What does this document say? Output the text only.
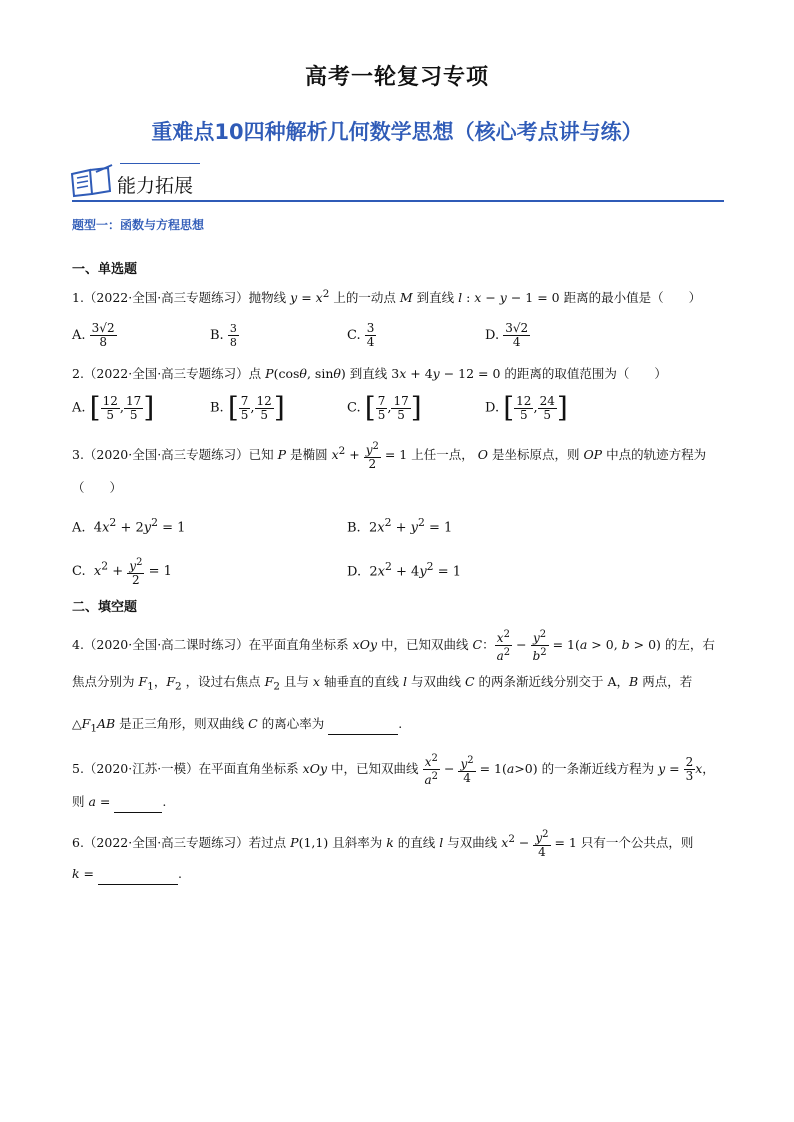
高考一轮复习专项
重难点10四种解析几何数学思想（核心考点讲与练）
能力拓展
题型一：函数与方程思想
一、单选题
1.（2022·全国·高三专题练习）抛物线 $y = x^2$ 上的一动点 M 到直线 l : x − y − 1 = 0 距离的最小值是（　　）
A. $\frac{3√2}{8}$	B. $\frac{3}{8}$	C. $\frac{3}{4}$	D. $\frac{3√2}{4}$
2.（2022·全国·高三专题练习）点 P(cosθ, sinθ) 到直线 3x + 4y − 12 = 0 的距离的取值范围为（　　）
A. [ $\frac{12}{5}$ , $\frac{17}{5}$ ]	B. [ $\frac{7}{5}$ , $\frac{12}{5}$ ]	C. [ $\frac{7}{5}$ , $\frac{17}{5}$ ]	D. [ $\frac{12}{5}$ , $\frac{24}{5}$ ]
3.（2020·全国·高三专题练习）已知 P 是椭圆 $x^2 + \frac{y^2}{2} = 1$ 上任一点， O 是坐标原点，则 OP 中点的轨迹方程为
（　　）
A.  $4x^2 + 2y^2 = 1$	B.  $2x^2 + y^2 = 1$
C. $x^2 + \frac{y^2}{2} = 1$	D.  $2x^2 + 4y^2 = 1$
二、填空题
4.（2020·全国·高二课时练习）在平面直角坐标系 xOy 中，已知双曲线 C： $\frac{x^2}{a^2} - \frac{y^2}{b^2} = 1(a > 0$, b > 0) 的左，右
焦点分别为 $F_1$，$F_2$ ，设过右焦点 $F_2$ 且与 x 轴垂直的直线 l 与双曲线 C 的两条渐近线分别交于 A，B 两点，若
$\triangle F_1AB$ 是正三角形，则双曲线 C 的离心率为	.
5.（2020·江苏·一模）在平面直角坐标系 xOy 中，已知双曲线 $\frac{x^2}{a^2} - \frac{y^2}{4} = 1(a>0)$ 的一条渐近线方程为 $y = \frac{2}{3}$ x，
则 a =	.
6.（2022·全国·高三专题练习）若过点 P(1,1) 且斜率为 k 的直线 l 与双曲线 $x^2 - \frac{y^2}{4} = 1$ 只有一个公共点，则
k =	.
